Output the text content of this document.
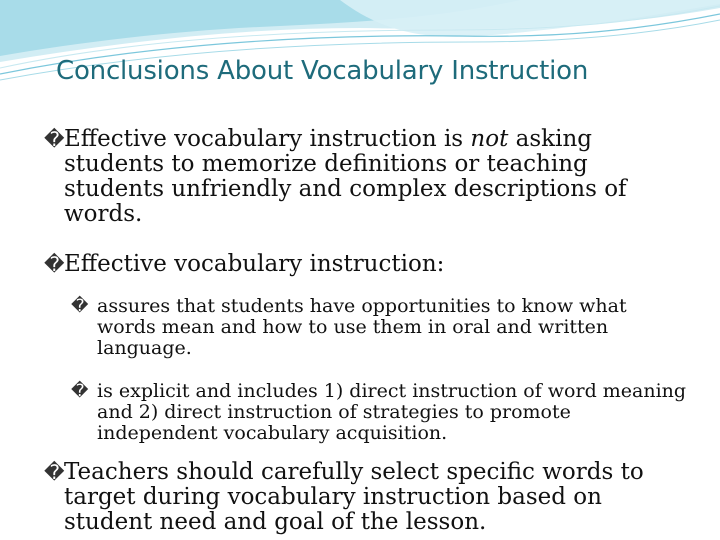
Conclusions About Vocabulary Instruction
� Effective vocabulary instruction is not asking students to memorize definitions or teaching students unfriendly and complex descriptions of words.
� Effective vocabulary instruction:
� assures that students have opportunities to know what words mean and how to use them in oral and written language.
� is explicit and includes 1) direct instruction of word meaning and 2) direct instruction of strategies to promote independent vocabulary acquisition.
� Teachers should carefully select specific words to target during vocabulary instruction based on student need and goal of the lesson.
